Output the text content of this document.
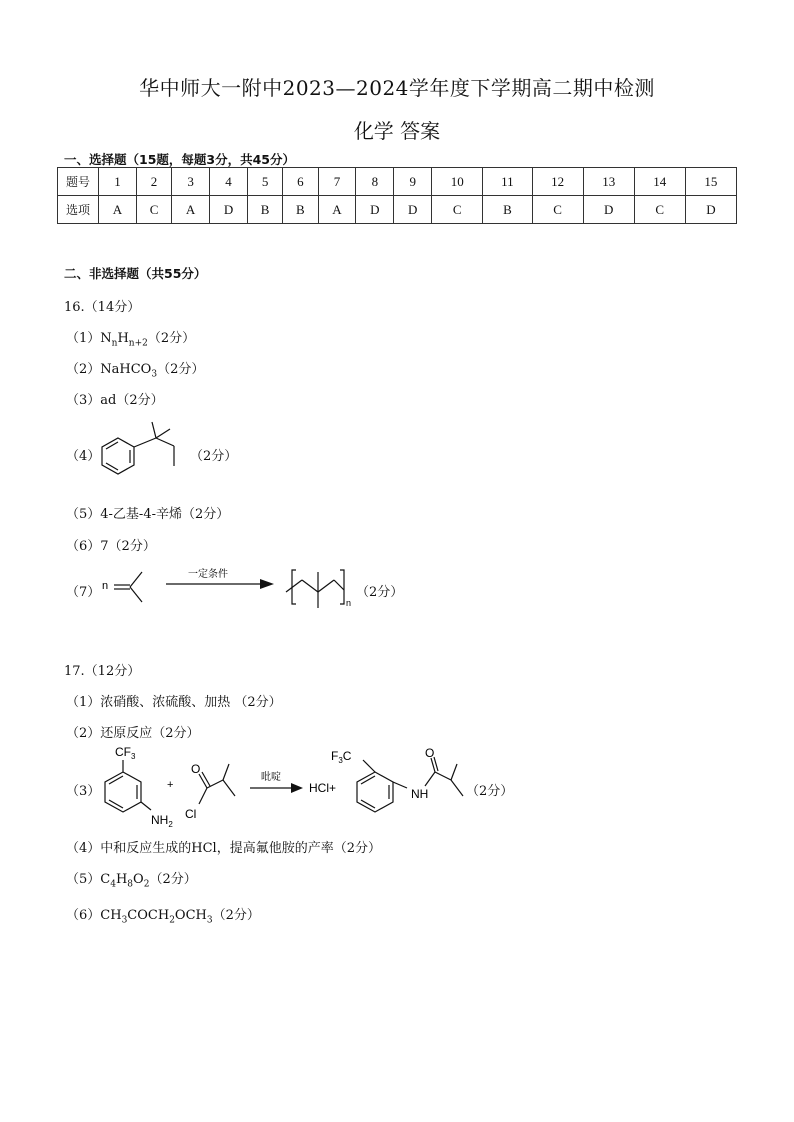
华中师大一附中2023—2024学年度下学期高二期中检测
化学 答案
一、选择题（15题，每题3分，共45分）
题号	1	2	3	4	5	6	7	8	9	10	11	12	13	14	15
选项	A	C	A	D	B	B	A	D	D	C	B	C	D	C	D
二、非选择题（共55分）
16.（14分）
$(1)N_nH_{n+2}(2$分）
（2）NaHCO$_3$（2分）
（3）ad（2分）
（4）	（2分）
（5）4-乙基-4-辛烯（2分）
（6）7（2分）
（7） n
一定条件
n
（2分）
17.（12分）
（1）浓硝酸、浓硫酸、加热 （2分）
（2）还原反应（2分）
（3）
$CF_3$
$NH_2$
+
O
Cl
吡啶
HCl+
$F_3C$
NH
O
（2分）
（4）中和反应生成的HCl，提高氟他胺的产率（2分）
$(5)C_4H_8O_2(2$分）
$(6)CH_3COCH_2OCH_3(2$分）
